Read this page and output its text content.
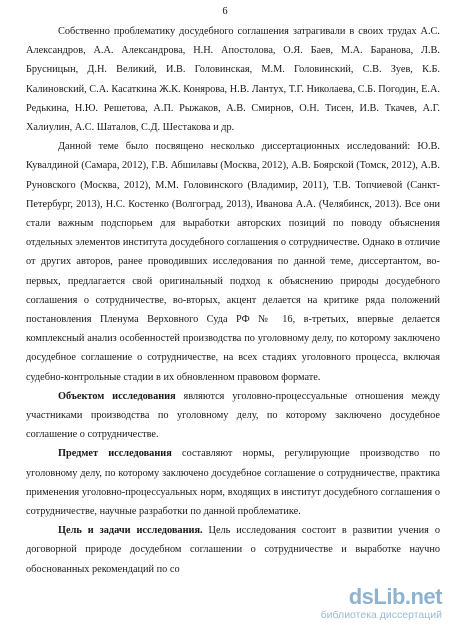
6

Собственно проблематику досудебного соглашения затрагивали в своих трудах А.С. Александров, А.А. Александрова, Н.Н. Апостолова, О.Я. Баев, М.А. Баранова, Л.В. Брусницын, Д.Н. Великий, И.В. Головинская, М.М. Головинский, С.В. Зуев, К.Б. Калиновский, С.А. Касаткина Ж.К. Конярова, Н.В. Лантух, Т.Г. Николаева, С.Б. Погодин, Е.А. Редькина, Н.Ю. Решетова, А.П. Рыжаков, А.В. Смирнов, О.Н. Тисен, И.В. Ткачев, А.Г. Халиулин, А.С. Шаталов, С.Д. Шестакова и др.

Данной теме было посвящено несколько диссертационных исследований: Ю.В. Кувалдиной (Самара, 2012), Г.В. Абшилавы (Москва, 2012), А.В. Боярской (Томск, 2012), А.В. Руновского (Москва, 2012), М.М. Головинского (Владимир, 2011), Т.В. Топчиевой (Санкт-Петербург, 2013), Н.С. Костенко (Волгоград, 2013), Иванова А.А. (Челябинск, 2013). Все они стали важным подспорьем для выработки авторских позиций по поводу объяснения отдельных элементов института досудебного соглашения о сотрудничестве. Однако в отличие от других авторов, ранее проводивших исследования по данной теме, диссертантом, во-первых, предлагается свой оригинальный подход к объяснению природы досудебного соглашения о сотрудничестве, во-вторых, акцент делается на критике ряда положений постановления Пленума Верховного Суда РФ № 16, в-третьих, впервые делается комплексный анализ особенностей производства по уголовному делу, по которому заключено досудебное соглашение о сотрудничестве, на всех стадиях уголовного процесса, включая судебно-контрольные стадии в их обновленном правовом формате.

Объектом исследования являются уголовно-процессуальные отношения между участниками производства по уголовному делу, по которому заключено досудебное соглашение о сотрудничестве.

Предмет исследования составляют нормы, регулирующие производство по уголовному делу, по которому заключено досудебное соглашение о сотрудничестве, практика применения уголовно-процессуальных норм, входящих в институт досудебного соглашения о сотрудничестве, научные разработки по данной проблематике.

Цель и задачи исследования. Цель исследования состоит в развитии учения о договорной природе досудебном соглашении о сотрудничестве и выработке научно обоснованных рекомендаций по со

dsLib.net
библиотека диссертаций
